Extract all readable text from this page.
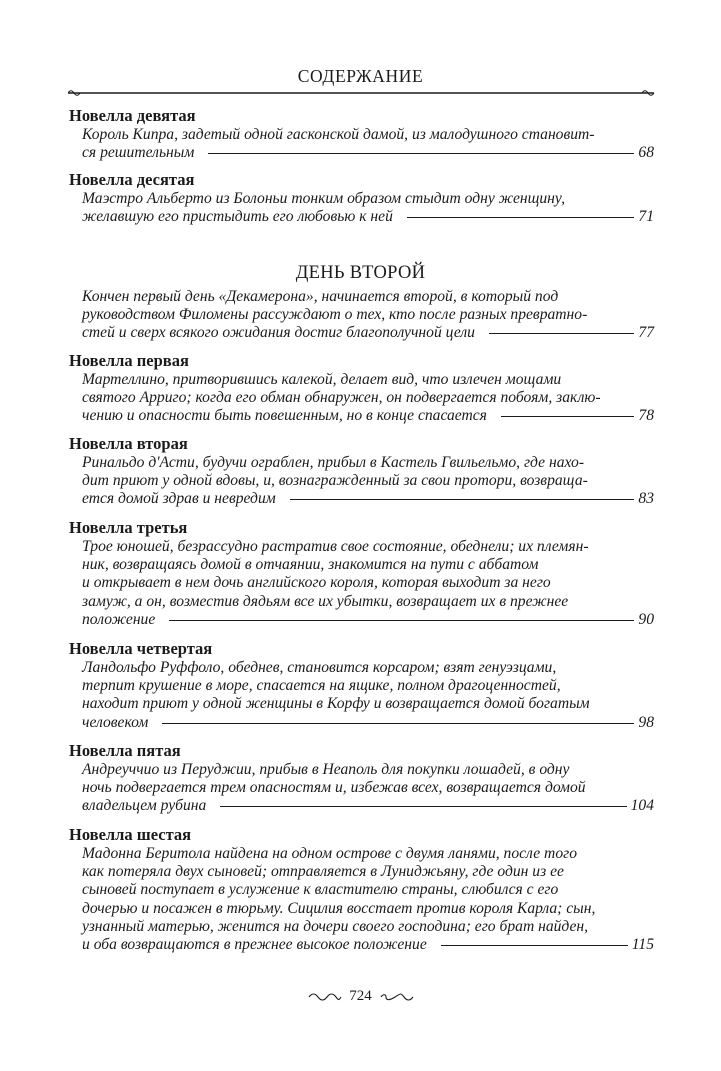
СОДЕРЖАНИЕ
Новелла девятая
Король Кипра, задетый одной гасконской дамой, из малодушного становит-
ся решительным	68
Новелла десятая
Маэстро Альберто из Болоньи тонким образом стыдит одну женщину,
желавшую его пристыдить его любовью к ней	71
ДЕНЬ ВТОРОЙ
Кончен первый день «Декамерона», начинается второй, в который под
руководством Филомены рассуждают о тех, кто после разных превратно-
стей и сверх всякого ожидания достиг благополучной цели	77
Новелла первая
Мартеллино, притворившись калекой, делает вид, что излечен мощами
святого Арриго; когда его обман обнаружен, он подвергается побоям, заклю-
чению и опасности быть повешенным, но в конце спасается	78
Новелла вторая
Ринальдо д'Асти, будучи ограблен, прибыл в Кастель Гвильельмо, где нахо-
дит приют у одной вдовы, и, вознагражденный за свои протори, возвраща-
ется домой здрав и невредим	83
Новелла третья
Трое юношей, безрассудно растратив свое состояние, обеднели; их племян-
ник, возвращаясь домой в отчаянии, знакомится на пути с аббатом
и открывает в нем дочь английского короля, которая выходит за него
замуж, а он, возместив дядьям все их убытки, возвращает их в прежнее
положение	90
Новелла четвертая
Ландольфо Руффоло, обеднев, становится корсаром; взят генуэзцами,
терпит крушение в море, спасается на ящике, полном драгоценностей,
находит приют у одной женщины в Корфу и возвращается домой богатым
человеком	98
Новелла пятая
Андреуччио из Перуджии, прибыв в Неаполь для покупки лошадей, в одну
ночь подвергается трем опасностям и, избежав всех, возвращается домой
владельцем рубина	104
Новелла шестая
Мадонна Беритола найдена на одном острове с двумя ланями, после того
как потеряла двух сыновей; отправляется в Луниджьяну, где один из ее
сыновей поступает в услужение к властителю страны, слюбился с его
дочерью и посажен в тюрьму. Сицилия восстает против короля Карла; сын,
узнанный матерью, женится на дочери своего господина; его брат найден,
и оба возвращаются в прежнее высокое положение	115
724
